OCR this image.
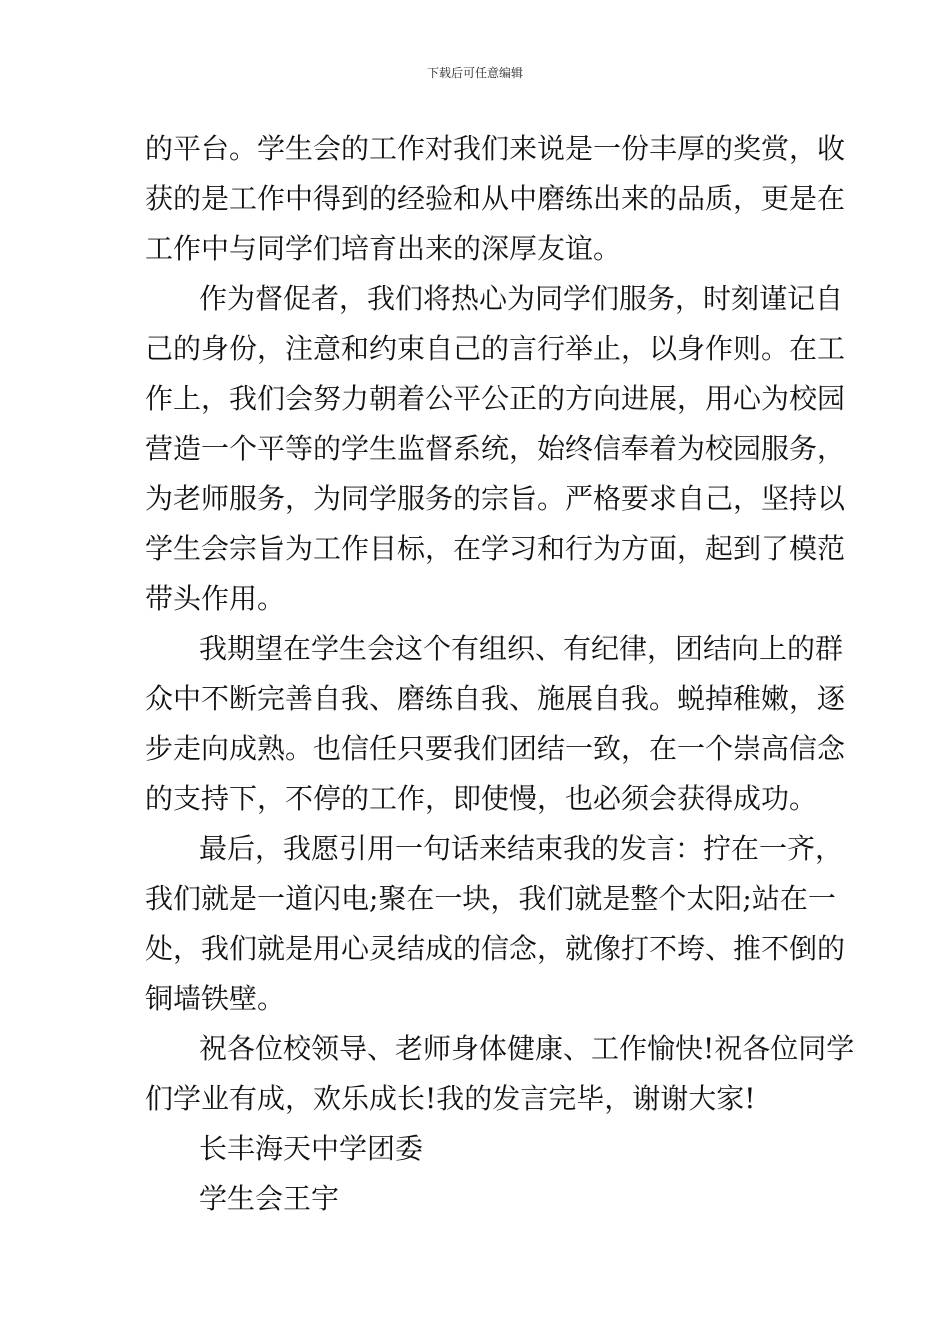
下载后可任意编辑
的平台。学生会的工作对我们来说是一份丰厚的奖赏，收
获的是工作中得到的经验和从中磨练出来的品质，更是在
工作中与同学们培育出来的深厚友谊。
作为督促者，我们将热心为同学们服务，时刻谨记自
己的身份，注意和约束自己的言行举止，以身作则。在工
作上，我们会努力朝着公平公正的方向进展，用心为校园
营造一个平等的学生监督系统，始终信奉着为校园服务，
为老师服务，为同学服务的宗旨。严格要求自己，坚持以
学生会宗旨为工作目标，在学习和行为方面，起到了模范
带头作用。
我期望在学生会这个有组织、有纪律，团结向上的群
众中不断完善自我、磨练自我、施展自我。蜕掉稚嫩，逐
步走向成熟。也信任只要我们团结一致，在一个崇高信念
的支持下，不停的工作，即使慢，也必须会获得成功。
最后，我愿引用一句话来结束我的发言：拧在一齐，
我们就是一道闪电;聚在一块，我们就是整个太阳;站在一
处，我们就是用心灵结成的信念，就像打不垮、推不倒的
铜墙铁壁。
祝各位校领导、老师身体健康、工作愉快!祝各位同学
们学业有成，欢乐成长!我的发言完毕，谢谢大家!
长丰海天中学团委
学生会王宇
